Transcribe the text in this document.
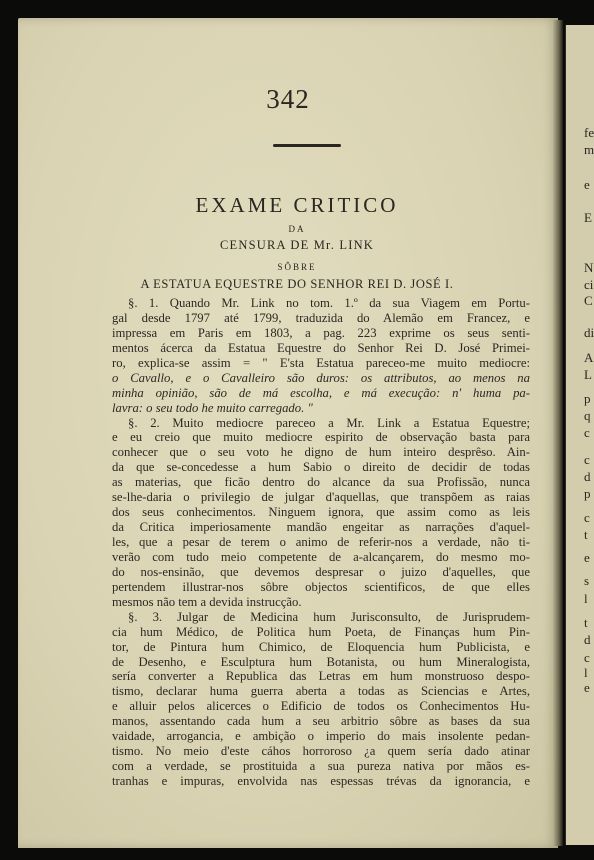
342
EXAME CRITICO
DA
CENSURA DE Mr. LINK
SÔBRE
A ESTATUA EQUESTRE DO SENHOR REI D. JOSÉ I.
§. 1. Quando Mr. Link no tom. 1.º da sua Viagem em Portu-
gal desde 1797 até 1799, traduzida do Alemão em Francez, e
impressa em Paris em 1803, a pag. 223 exprime os seus senti-
mentos ácerca da Estatua Equestre do Senhor Rei D. José Primei-
ro, explica-se assim = " E'sta Estatua pareceo-me muito mediocre:
o Cavallo, e o Cavalleiro são duros: os attributos, ao menos na
minha opinião, são de má escolha, e má execução: n' huma pa-
lavra: o seu todo he muito carregado. "
§. 2. Muito mediocre pareceo a Mr. Link a Estatua Equestre;
e eu creio que muito mediocre espirito de observação basta para
conhecer que o seu voto he digno de hum inteiro desprêso. Ain-
da que se-concedesse a hum Sabio o direito de decidir de todas
as materias, que ficão dentro do alcance da sua Profissão, nunca
se-lhe-daria o privilegio de julgar d'aquellas, que transpõem as raias
dos seus conhecimentos. Ninguem ignora, que assim como as leis
da Critica imperiosamente mandão engeitar as narrações d'aquel-
les, que a pesar de terem o animo de referir-nos a verdade, não ti-
verão com tudo meio competente de a-alcançarem, do mesmo mo-
do nos-ensinão, que devemos despresar o juizo d'aquelles, que
pertendem illustrar-nos sôbre objectos scientificos, de que elles
mesmos não tem a devida instrucção.
§. 3. Julgar de Medicina hum Jurisconsulto, de Jurisprudem-
cia hum Médico, de Politica hum Poeta, de Finanças hum Pin-
tor, de Pintura hum Chimico, de Eloquencia hum Publicista, e
de Desenho, e Esculptura hum Botanista, ou hum Mineralogista,
sería converter a Republica das Letras em hum monstruoso despo-
tismo, declarar huma guerra aberta a todas as Sciencias e Artes,
e alluir pelos alicerces o Edificio de todos os Conhecimentos Hu-
manos, assentando cada hum a seu arbitrio sôbre as bases da sua
vaidade, arrogancia, e ambição o imperio do mais insolente pedan-
tismo. No meio d'este cáhos horroroso ¿a quem sería dado atinar
com a verdade, se prostituida a sua pureza nativa por mãos es-
tranhas e impuras, envolvida nas espessas trévas da ignorancia, e
fe
m
e
E
N
ci
C
di
A
L
p
q
c
c
d
p
c
t
e
s
l
t
d
c
l
e
